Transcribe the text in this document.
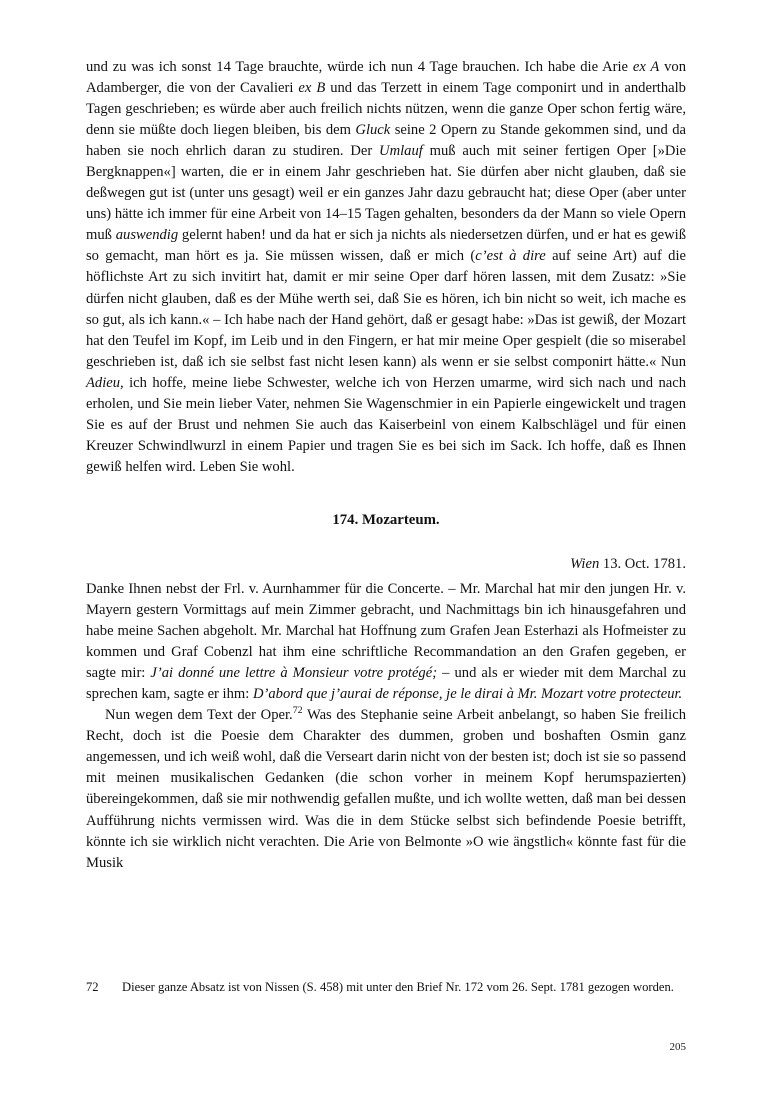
und zu was ich sonst 14 Tage brauchte, würde ich nun 4 Tage brauchen. Ich habe die Arie ex A von Adamberger, die von der Cavalieri ex B und das Terzett in einem Tage componirt und in anderthalb Tagen geschrieben; es würde aber auch freilich nichts nützen, wenn die ganze Oper schon fertig wäre, denn sie müßte doch liegen bleiben, bis dem Gluck seine 2 Opern zu Stande gekommen sind, und da haben sie noch ehrlich daran zu studiren. Der Umlauf muß auch mit seiner fertigen Oper [»Die Bergknappen«] warten, die er in einem Jahr geschrieben hat. Sie dürfen aber nicht glauben, daß sie deßwegen gut ist (unter uns gesagt) weil er ein ganzes Jahr dazu gebraucht hat; diese Oper (aber unter uns) hätte ich immer für eine Arbeit von 14–15 Tagen gehalten, besonders da der Mann so viele Opern muß auswendig gelernt haben! und da hat er sich ja nichts als niedersetzen dürfen, und er hat es gewiß so gemacht, man hört es ja. Sie müssen wissen, daß er mich (c’est à dire auf seine Art) auf die höflichste Art zu sich invitirt hat, damit er mir seine Oper darf hören lassen, mit dem Zusatz: »Sie dürfen nicht glauben, daß es der Mühe werth sei, daß Sie es hören, ich bin nicht so weit, ich mache es so gut, als ich kann.« – Ich habe nach der Hand gehört, daß er gesagt habe: »Das ist gewiß, der Mozart hat den Teufel im Kopf, im Leib und in den Fingern, er hat mir meine Oper gespielt (die so miserabel geschrieben ist, daß ich sie selbst fast nicht lesen kann) als wenn er sie selbst componirt hätte.« Nun Adieu, ich hoffe, meine liebe Schwester, welche ich von Herzen umarme, wird sich nach und nach erholen, und Sie mein lieber Vater, nehmen Sie Wagenschmier in ein Papierle eingewickelt und tragen Sie es auf der Brust und nehmen Sie auch das Kaiserbeinl von einem Kalbschlägel und für einen Kreuzer Schwindlwurzl in einem Papier und tragen Sie es bei sich im Sack. Ich hoffe, daß es Ihnen gewiß helfen wird. Leben Sie wohl.

174. Mozarteum.

Wien 13. Oct. 1781.

Danke Ihnen nebst der Frl. v. Aurnhammer für die Concerte. – Mr. Marchal hat mir den jungen Hr. v. Mayern gestern Vormittags auf mein Zimmer gebracht, und Nachmittags bin ich hinausgefahren und habe meine Sachen abgeholt. Mr. Marchal hat Hoffnung zum Grafen Jean Esterhazi als Hofmeister zu kommen und Graf Cobenzl hat ihm eine schriftliche Recommandation an den Grafen gegeben, er sagte mir: J’ai donné une lettre à Monsieur votre protégé; – und als er wieder mit dem Marchal zu sprechen kam, sagte er ihm: D’abord que j’aurai de réponse, je le dirai à Mr. Mozart votre protecteur.

Nun wegen dem Text der Oper.$^{72}$ Was des Stephanie seine Arbeit anbelangt, so haben Sie freilich Recht, doch ist die Poesie dem Charakter des dummen, groben und boshaften Osmin ganz angemessen, und ich weiß wohl, daß die Verseart darin nicht von der besten ist; doch ist sie so passend mit meinen musikalischen Gedanken (die schon vorher in meinem Kopf herumspazierten) übereingekommen, daß sie mir nothwendig gefallen mußte, und ich wollte wetten, daß man bei dessen Aufführung nichts vermissen wird. Was die in dem Stücke selbst sich befindende Poesie betrifft, könnte ich sie wirklich nicht verachten. Die Arie von Belmonte »O wie ängstlich« könnte fast für die Musik

72	Dieser ganze Absatz ist von Nissen (S. 458) mit unter den Brief Nr. 172 vom 26. Sept. 1781 gezogen worden.
205
